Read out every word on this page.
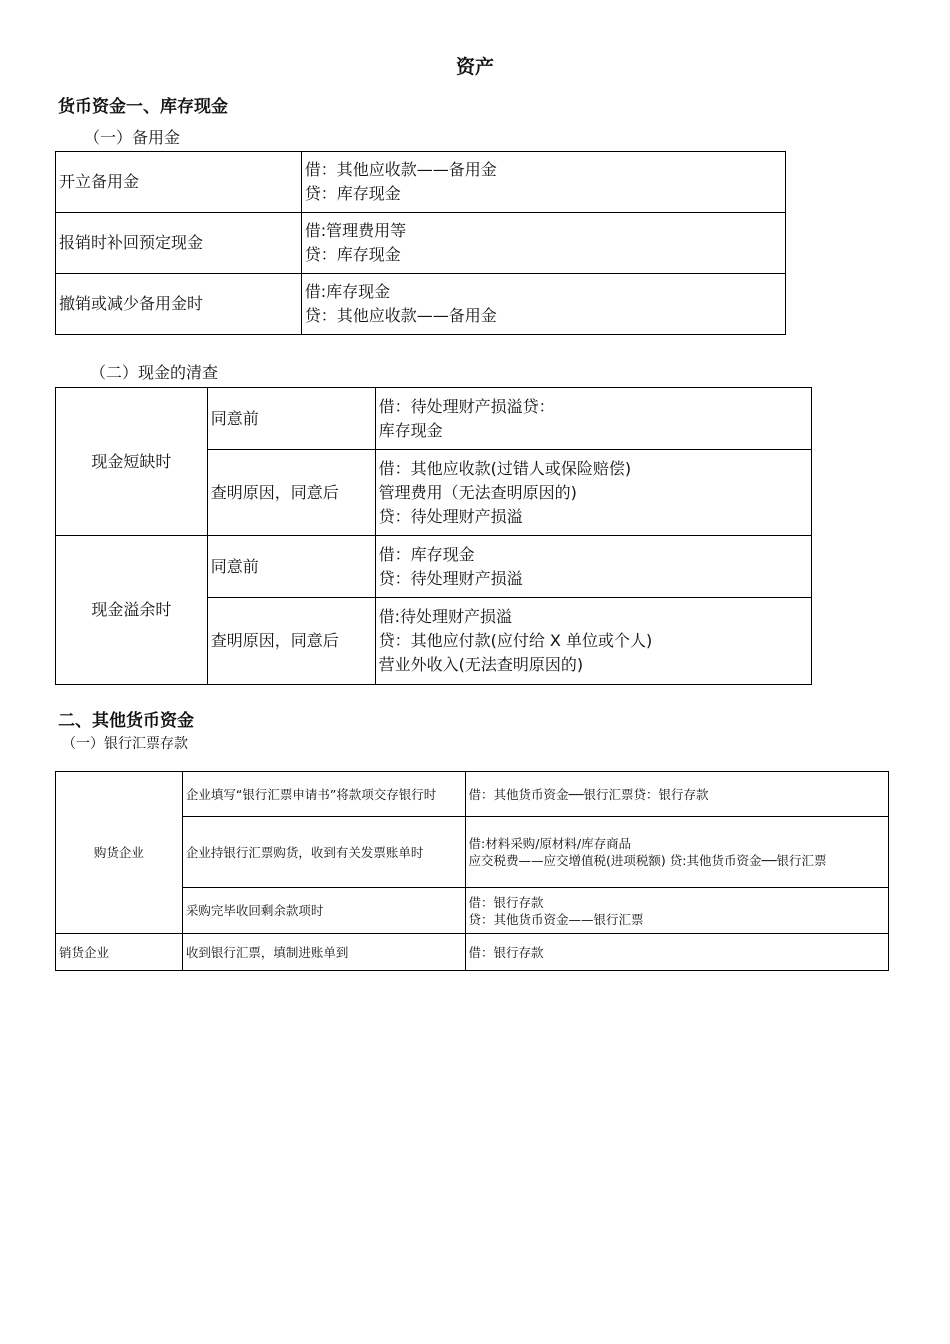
资产
货币资金一、库存现金
（一）备用金
开立备用金	借：其他应收款——备用金
贷：库存现金

报销时补回预定现金	借:管理费用等
贷：库存现金

撤销或减少备用金时	借:库存现金
贷：其他应收款——备用金
（二）现金的清查
现金短缺时	同意前	借：待处理财产损溢贷：
库存现金

	查明原因，同意后	借：其他应收款(过错人或保险赔偿)
管理费用（无法查明原因的)
贷：待处理财产损溢

现金溢余时	同意前	借：库存现金
贷：待处理财产损溢

	查明原因，同意后	借:待处理财产损溢
贷：其他应付款(应付给 X 单位或个人)
营业外收入(无法查明原因的)
二、其他货币资金
（一）银行汇票存款
购货企业	企业填写“银行汇票申请书”将款项交存银行时	借：其他货币资金──银行汇票贷：银行存款

	企业持银行汇票购货，收到有关发票账单时	借:材料采购/原材料/库存商品
应交税费——应交增值税(进项税额) 贷:其他货币资金──银行汇票

	采购完毕收回剩余款项时	借：银行存款
贷：其他货币资金——银行汇票

销货企业	收到银行汇票，填制进账单到	借：银行存款
